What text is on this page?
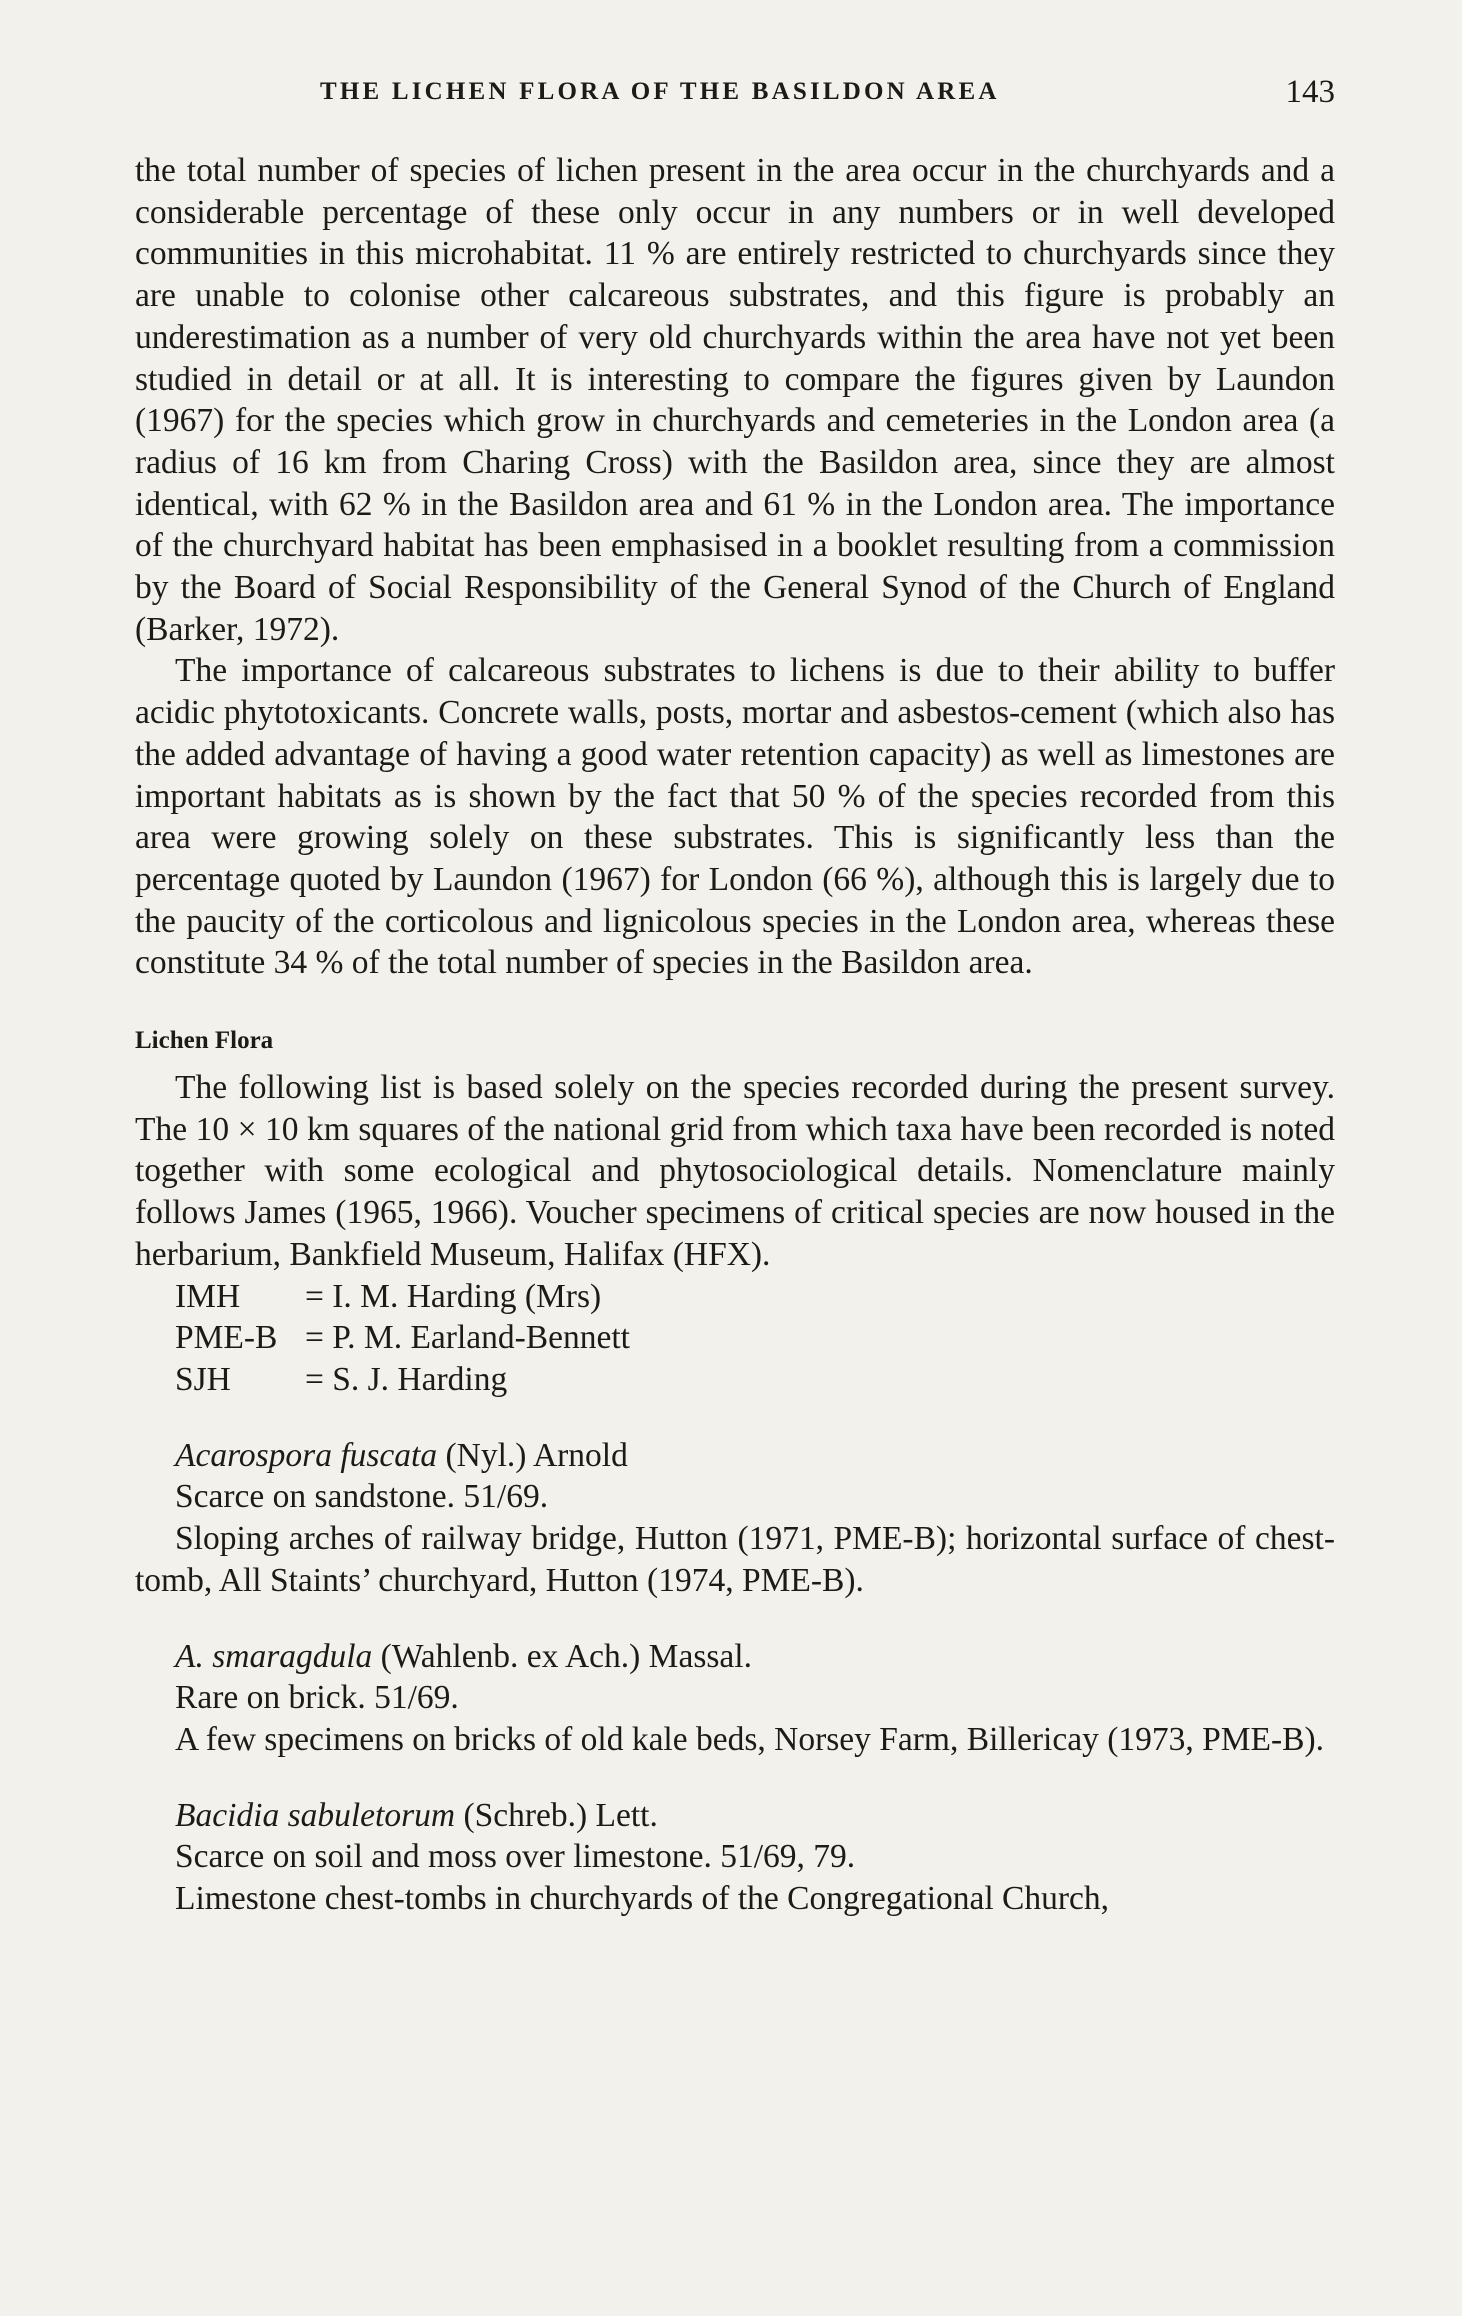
THE LICHEN FLORA OF THE BASILDON AREA	143

the total number of species of lichen present in the area occur in the churchyards and a considerable percentage of these only occur in any numbers or in well developed communities in this microhabitat. 11 % are entirely restricted to churchyards since they are unable to colonise other calcareous substrates, and this figure is probably an underestimation as a number of very old churchyards within the area have not yet been studied in detail or at all. It is interesting to compare the figures given by Laundon (1967) for the species which grow in churchyards and cemeteries in the London area (a radius of 16 km from Charing Cross) with the Basildon area, since they are almost identical, with 62 % in the Basildon area and 61 % in the London area. The importance of the churchyard habitat has been emphasised in a booklet resulting from a commission by the Board of Social Responsibility of the General Synod of the Church of England (Barker, 1972).

The importance of calcareous substrates to lichens is due to their ability to buffer acidic phytotoxicants. Concrete walls, posts, mortar and asbestos-cement (which also has the added advantage of having a good water retention capacity) as well as limestones are important habitats as is shown by the fact that 50 % of the species recorded from this area were growing solely on these substrates. This is significantly less than the percentage quoted by Laundon (1967) for London (66 %), although this is largely due to the paucity of the corticolous and lignicolous species in the London area, whereas these constitute 34 % of the total number of species in the Basildon area.

Lichen Flora

The following list is based solely on the species recorded during the present survey. The 10 × 10 km squares of the national grid from which taxa have been recorded is noted together with some ecological and phytosociological details. Nomenclature mainly follows James (1965, 1966). Voucher specimens of critical species are now housed in the herbarium, Bankfield Museum, Halifax (HFX).

IMH	= I. M. Harding (Mrs)
PME-B = P. M. Earland-Bennett
SJH	= S. J. Harding

Acarospora fuscata (Nyl.) Arnold

Scarce on sandstone. 51/69.

Sloping arches of railway bridge, Hutton (1971, PME-B); horizontal surface of chest-tomb, All Staints’ churchyard, Hutton (1974, PME-B).

A. smaragdula (Wahlenb. ex Ach.) Massal.

Rare on brick. 51/69.

A few specimens on bricks of old kale beds, Norsey Farm, Billericay (1973, PME-B).

Bacidia sabuletorum (Schreb.) Lett.

Scarce on soil and moss over limestone. 51/69, 79.

Limestone chest-tombs in churchyards of the Congregational Church,
